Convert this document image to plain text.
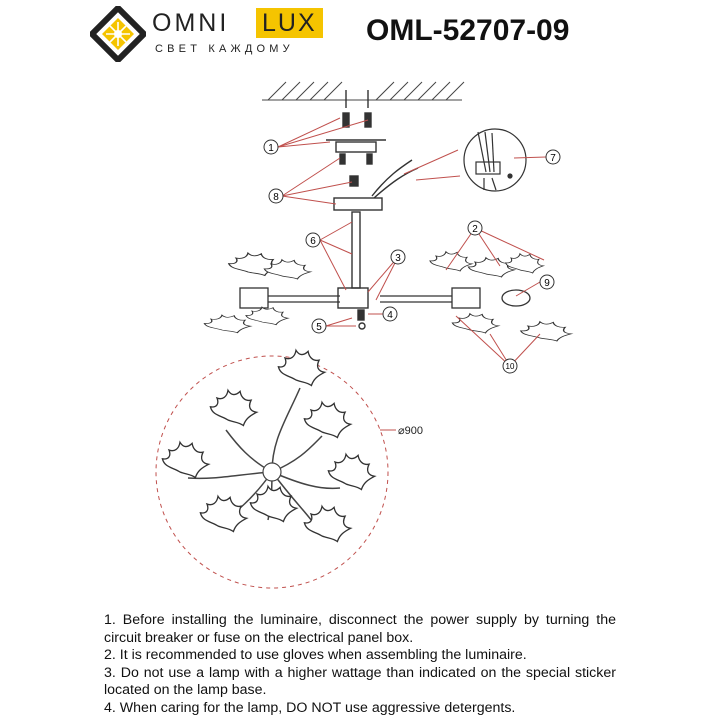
OMNI LUX
СВЕТ КАЖДОМУ
OML-52707-09
1
2
3
4
5
6
7
8
9
10
⌀900

1. Before installing the luminaire, disconnect the power supply by turning the circuit breaker or fuse on the electrical panel box.

2. It is recommended to use gloves when assembling the luminaire.

3. Do not use a lamp with a higher wattage than indicated on the special sticker located on the lamp base.

4. When caring for the lamp, DO NOT use aggressive detergents.
